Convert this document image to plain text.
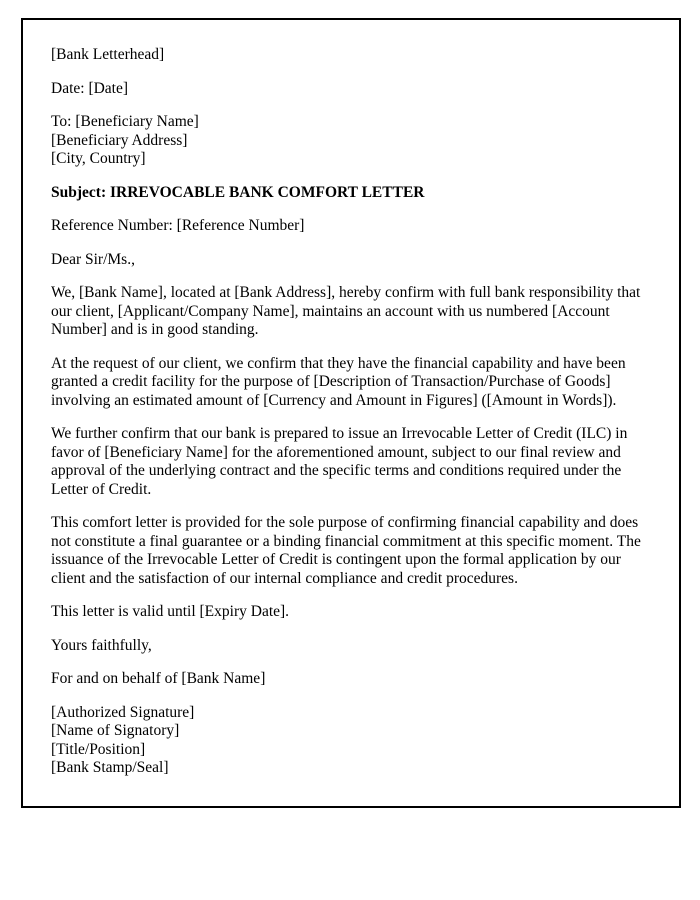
[Bank Letterhead]

Date: [Date]

To: [Beneficiary Name]
[Beneficiary Address]
[City, Country]

Subject: IRREVOCABLE BANK COMFORT LETTER

Reference Number: [Reference Number]

Dear Sir/Ms.,

We, [Bank Name], located at [Bank Address], hereby confirm with full bank responsibility that our client, [Applicant/Company Name], maintains an account with us numbered [Account Number] and is in good standing.

At the request of our client, we confirm that they have the financial capability and have been granted a credit facility for the purpose of [Description of Transaction/Purchase of Goods] involving an estimated amount of [Currency and Amount in Figures] ([Amount in Words]).

We further confirm that our bank is prepared to issue an Irrevocable Letter of Credit (ILC) in favor of [Beneficiary Name] for the aforementioned amount, subject to our final review and approval of the underlying contract and the specific terms and conditions required under the Letter of Credit.

This comfort letter is provided for the sole purpose of confirming financial capability and does not constitute a final guarantee or a binding financial commitment at this specific moment. The issuance of the Irrevocable Letter of Credit is contingent upon the formal application by our client and the satisfaction of our internal compliance and credit procedures.

This letter is valid until [Expiry Date].

Yours faithfully,

For and on behalf of [Bank Name]

[Authorized Signature]
[Name of Signatory]
[Title/Position]
[Bank Stamp/Seal]
